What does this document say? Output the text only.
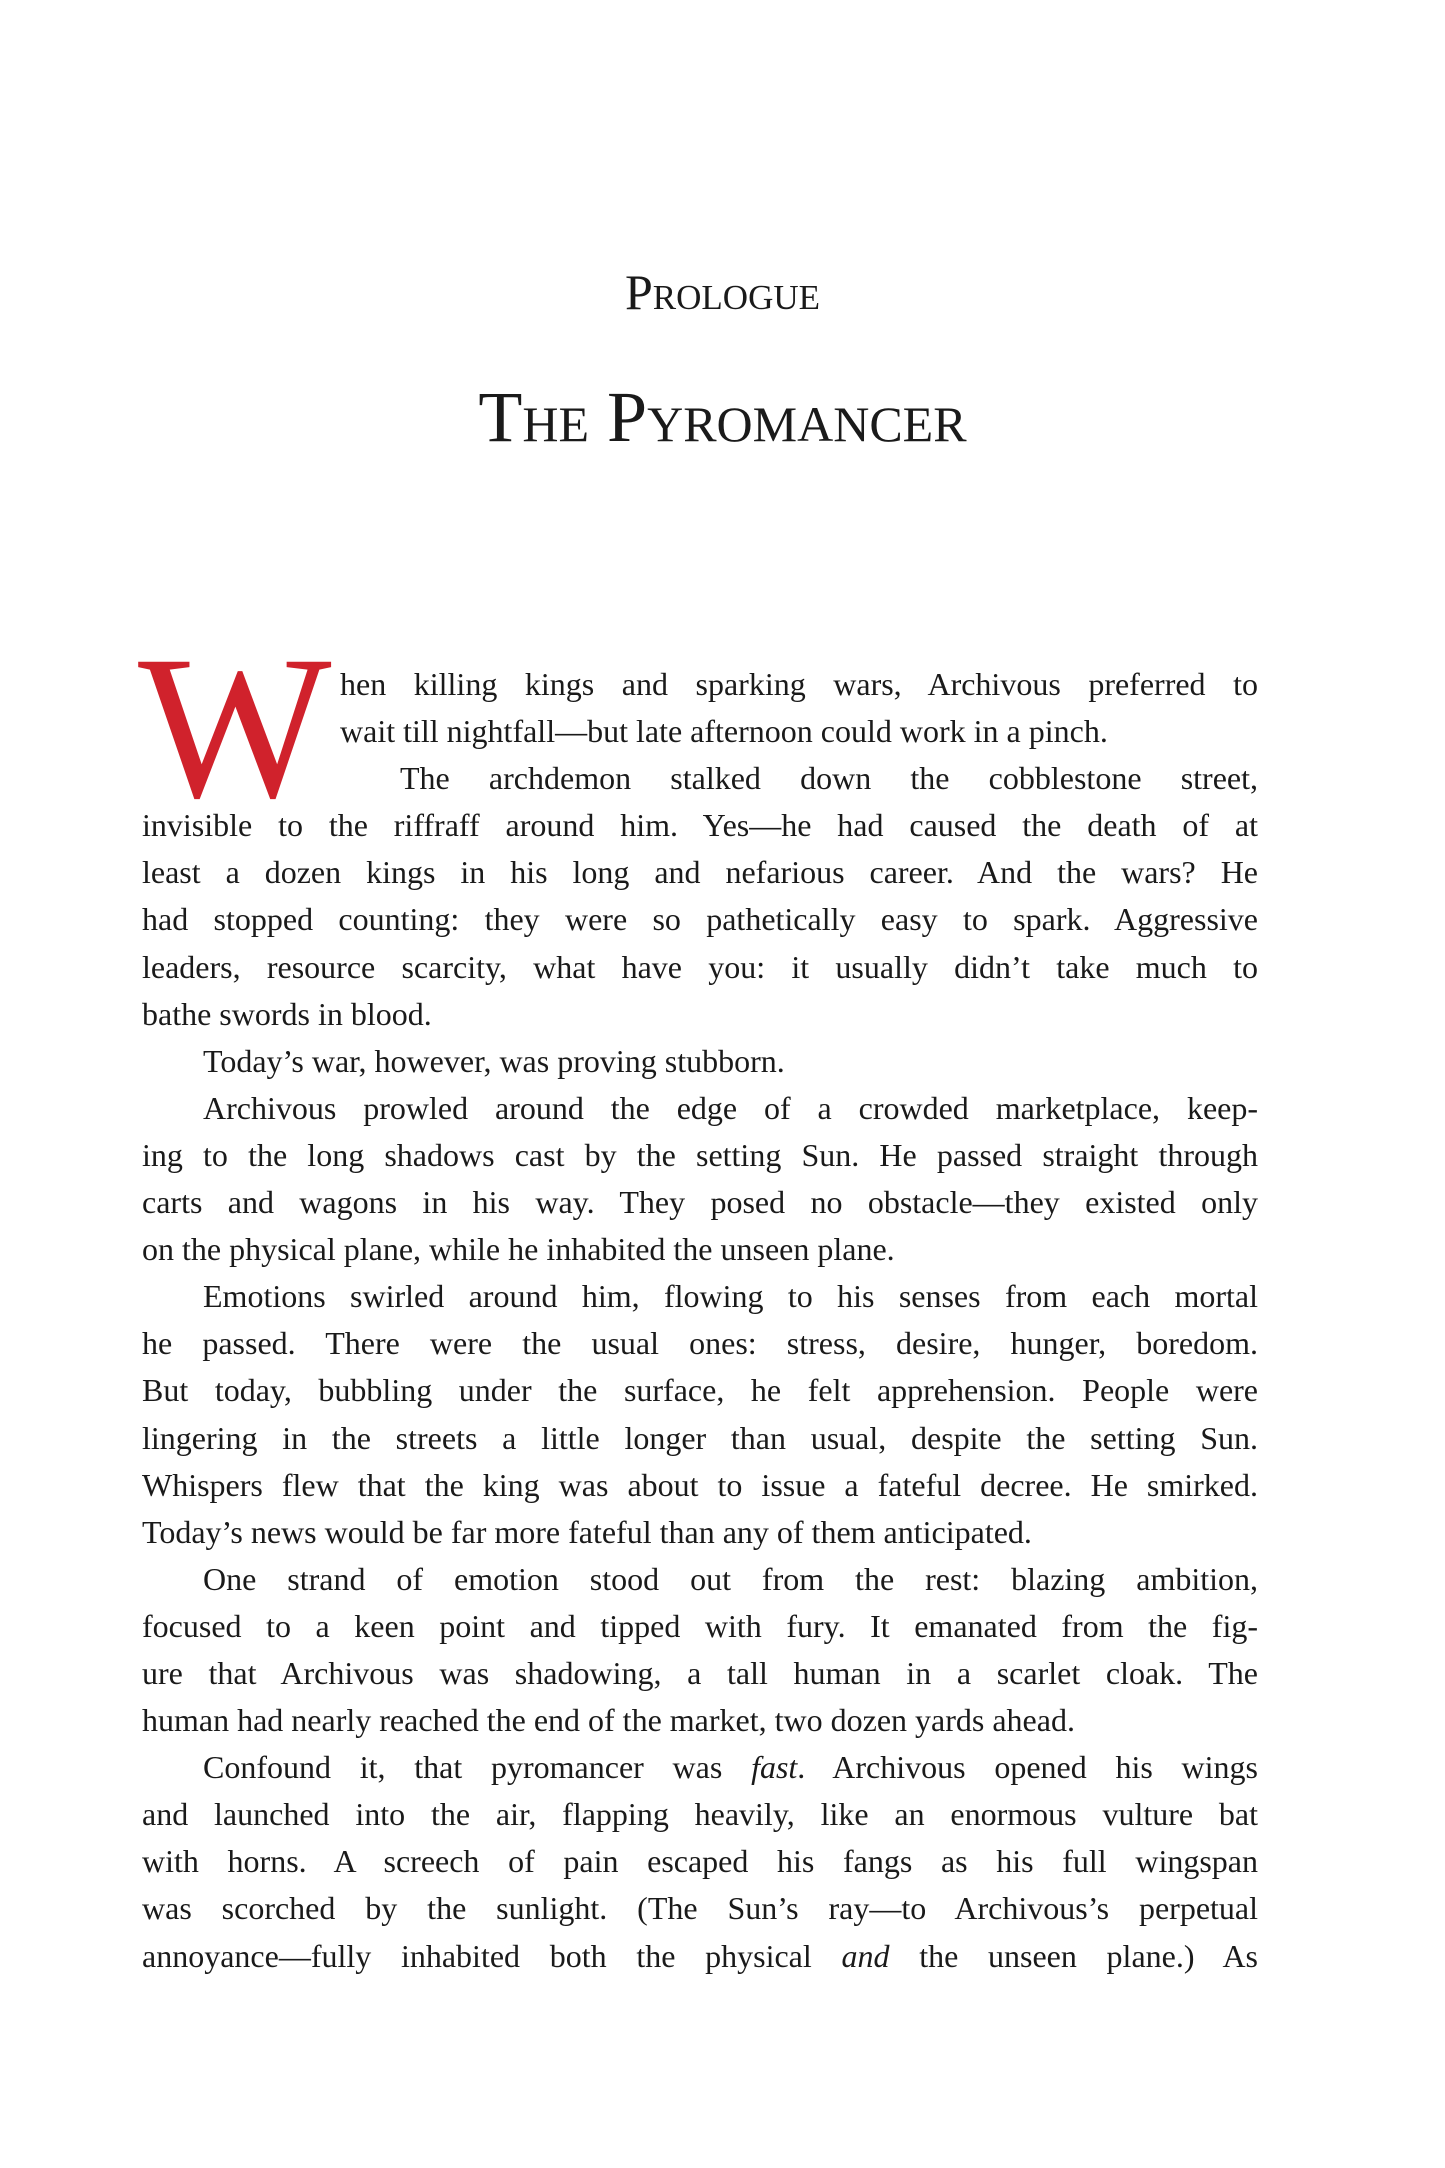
Prologue
The Pyromancer
W hen killing kings and sparking wars, Archivous preferred to
wait till nightfall—but late afternoon could work in a pinch.
The archdemon stalked down the cobblestone street,
invisible to the riffraff around him. Yes—he had caused the death of at
least a dozen kings in his long and nefarious career. And the wars? He
had stopped counting: they were so pathetically easy to spark. Aggressive
leaders, resource scarcity, what have you: it usually didn’t take much to
bathe swords in blood.
Today’s war, however, was proving stubborn.
Archivous prowled around the edge of a crowded marketplace, keep-
ing to the long shadows cast by the setting Sun. He passed straight through
carts and wagons in his way. They posed no obstacle—they existed only
on the physical plane, while he inhabited the unseen plane.
Emotions swirled around him, flowing to his senses from each mortal
he passed. There were the usual ones: stress, desire, hunger, boredom.
But today, bubbling under the surface, he felt apprehension. People were
lingering in the streets a little longer than usual, despite the setting Sun.
Whispers flew that the king was about to issue a fateful decree. He smirked.
Today’s news would be far more fateful than any of them anticipated.
One strand of emotion stood out from the rest: blazing ambition,
focused to a keen point and tipped with fury. It emanated from the fig-
ure that Archivous was shadowing, a tall human in a scarlet cloak. The
human had nearly reached the end of the market, two dozen yards ahead.
Confound it, that pyromancer was fast. Archivous opened his wings
and launched into the air, flapping heavily, like an enormous vulture bat
with horns. A screech of pain escaped his fangs as his full wingspan
was scorched by the sunlight. (The Sun’s ray—to Archivous’s perpetual
annoyance—fully inhabited both the physical and the unseen plane.) As
